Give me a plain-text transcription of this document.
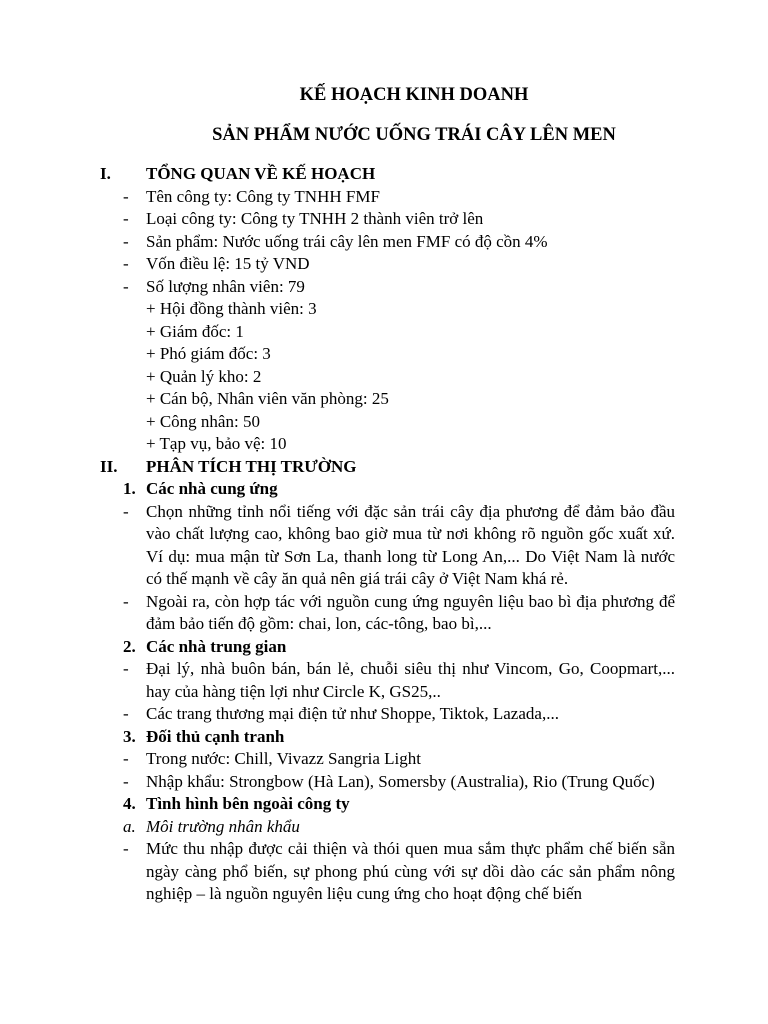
KẾ HOẠCH KINH DOANH
SẢN PHẨM NƯỚC UỐNG TRÁI CÂY LÊN MEN
I. TỔNG QUAN VỀ KẾ HOẠCH
- Tên công ty: Công ty TNHH FMF
- Loại công ty: Công ty TNHH 2 thành viên trở lên
- Sản phẩm: Nước uống trái cây lên men FMF có độ cồn 4%
- Vốn điều lệ: 15 tỷ VND
- Số lượng nhân viên: 79
+ Hội đồng thành viên: 3
+ Giám đốc: 1
+ Phó giám đốc: 3
+ Quản lý kho: 2
+ Cán bộ, Nhân viên văn phòng: 25
+ Công nhân: 50
+ Tạp vụ, bảo vệ: 10
II. PHÂN TÍCH THỊ TRƯỜNG
1. Các nhà cung ứng
- Chọn những tỉnh nổi tiếng với đặc sản trái cây địa phương để đảm bảo đầu vào chất lượng cao, không bao giờ mua từ nơi không rõ nguồn gốc xuất xứ. Ví dụ: mua mận từ Sơn La, thanh long từ Long An,... Do Việt Nam là nước có thế mạnh về cây ăn quả nên giá trái cây ở Việt Nam khá rẻ.
- Ngoài ra, còn hợp tác với nguồn cung ứng nguyên liệu bao bì địa phương để đảm bảo tiến độ gồm: chai, lon, các-tông, bao bì,...
2. Các nhà trung gian
- Đại lý, nhà buôn bán, bán lẻ, chuỗi siêu thị như Vincom, Go, Coopmart,... hay của hàng tiện lợi như Circle K, GS25,..
- Các trang thương mại điện tử như Shoppe, Tiktok, Lazada,...
3. Đối thủ cạnh tranh
- Trong nước: Chill, Vivazz Sangria Light
- Nhập khẩu: Strongbow (Hà Lan), Somersby (Australia), Rio (Trung Quốc)
4. Tình hình bên ngoài công ty
a. Môi trường nhân khẩu
- Mức thu nhập được cải thiện và thói quen mua sắm thực phẩm chế biến sẵn ngày càng phổ biến, sự phong phú cùng với sự dồi dào các sản phẩm nông nghiệp – là nguồn nguyên liệu cung ứng cho hoạt động chế biến
